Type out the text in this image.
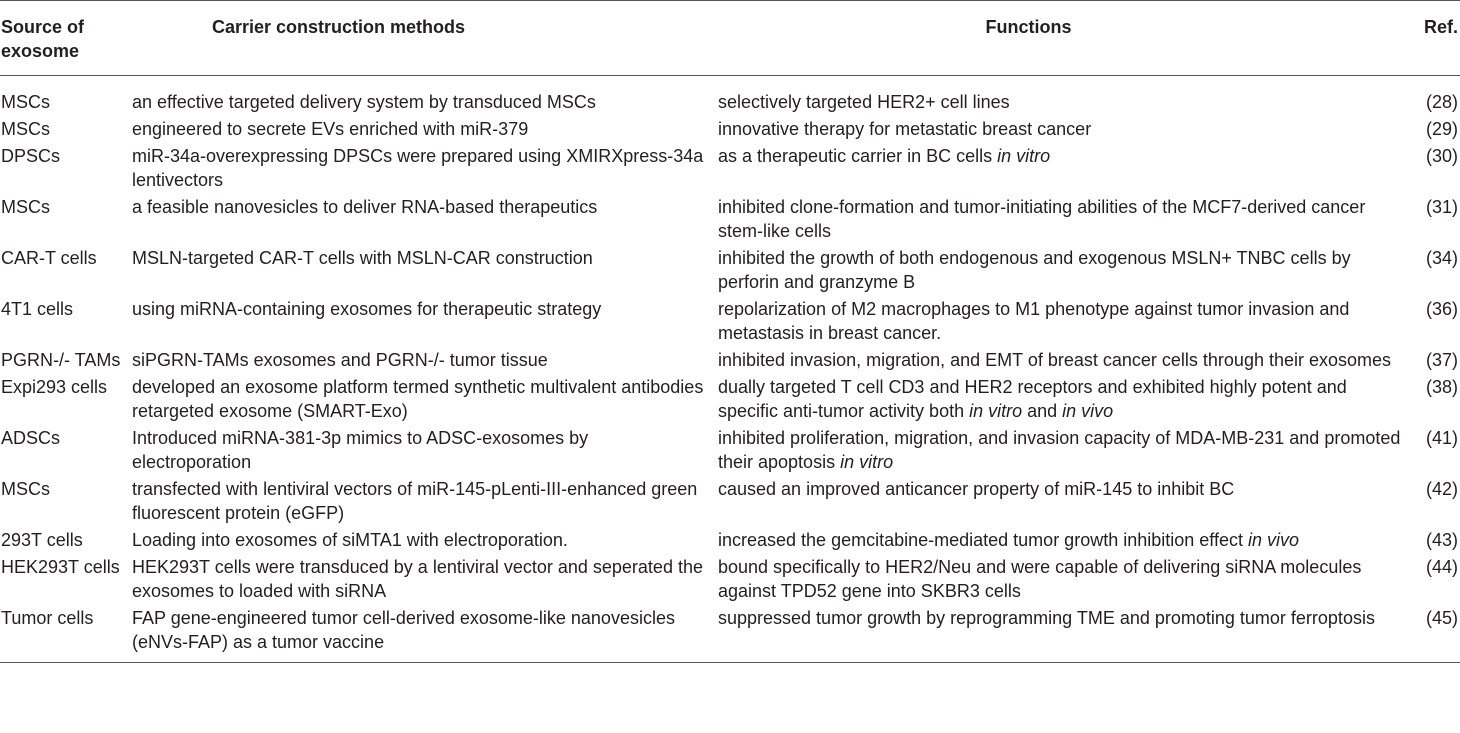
Source of exosome	Carrier construction methods	Functions	Ref.
MSCs	an effective targeted delivery system by transduced MSCs	selectively targeted HER2+ cell lines	(28)
MSCs	engineered to secrete EVs enriched with miR-379	innovative therapy for metastatic breast cancer	(29)
DPSCs	miR-34a-overexpressing DPSCs were prepared using XMIRXpress-34a lentivectors	as a therapeutic carrier in BC cells in vitro	(30)
MSCs	a feasible nanovesicles to deliver RNA-based therapeutics	inhibited clone-formation and tumor-initiating abilities of the MCF7-derived cancer stem-like cells	(31)
CAR-T cells	MSLN-targeted CAR-T cells with MSLN-CAR construction	inhibited the growth of both endogenous and exogenous MSLN+ TNBC cells by perforin and granzyme B	(34)
4T1 cells	using miRNA-containing exosomes for therapeutic strategy	repolarization of M2 macrophages to M1 phenotype against tumor invasion and metastasis in breast cancer.	(36)
PGRN-/- TAMs	siPGRN-TAMs exosomes and PGRN-/- tumor tissue	inhibited invasion, migration, and EMT of breast cancer cells through their exosomes	(37)
Expi293 cells	developed an exosome platform termed synthetic multivalent antibodies retargeted exosome (SMART-Exo)	dually targeted T cell CD3 and HER2 receptors and exhibited highly potent and specific anti-tumor activity both in vitro and in vivo	(38)
ADSCs	Introduced miRNA-381-3p mimics to ADSC-exosomes by electroporation	inhibited proliferation, migration, and invasion capacity of MDA-MB-231 and promoted their apoptosis in vitro	(41)
MSCs	transfected with lentiviral vectors of miR-145-pLenti-III-enhanced green fluorescent protein (eGFP)	caused an improved anticancer property of miR-145 to inhibit BC	(42)
293T cells	Loading into exosomes of siMTA1 with electroporation.	increased the gemcitabine-mediated tumor growth inhibition effect in vivo	(43)
HEK293T cells	HEK293T cells were transduced by a lentiviral vector and seperated the exosomes to loaded with siRNA	bound specifically to HER2/Neu and were capable of delivering siRNA molecules against TPD52 gene into SKBR3 cells	(44)
Tumor cells	FAP gene-engineered tumor cell-derived exosome-like nanovesicles (eNVs-FAP) as a tumor vaccine	suppressed tumor growth by reprogramming TME and promoting tumor ferroptosis	(45)
